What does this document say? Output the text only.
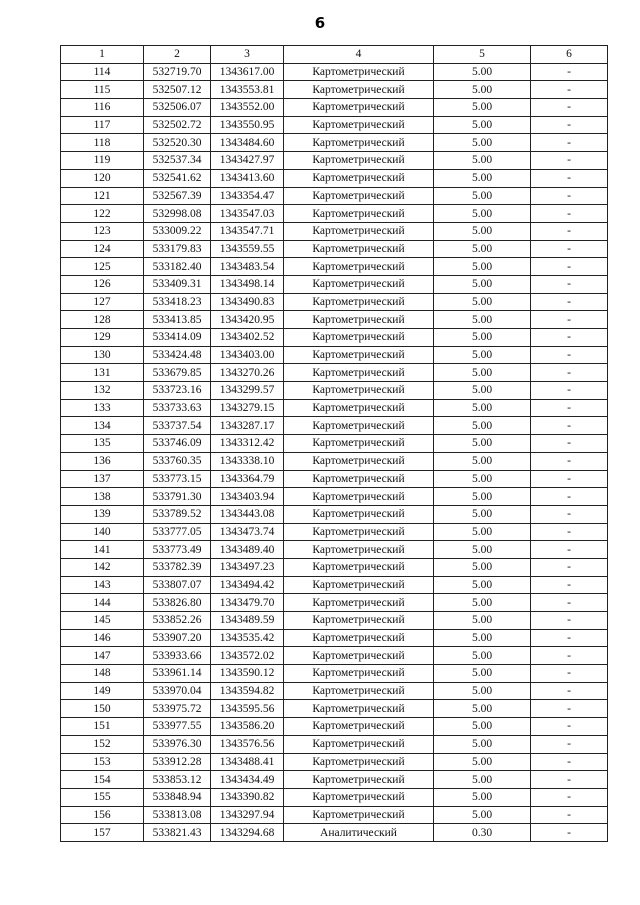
6
1	2	3	4	5	6
114	532719.70	1343617.00	Картометрический	5.00	-
115	532507.12	1343553.81	Картометрический	5.00	-
116	532506.07	1343552.00	Картометрический	5.00	-
117	532502.72	1343550.95	Картометрический	5.00	-
118	532520.30	1343484.60	Картометрический	5.00	-
119	532537.34	1343427.97	Картометрический	5.00	-
120	532541.62	1343413.60	Картометрический	5.00	-
121	532567.39	1343354.47	Картометрический	5.00	-
122	532998.08	1343547.03	Картометрический	5.00	-
123	533009.22	1343547.71	Картометрический	5.00	-
124	533179.83	1343559.55	Картометрический	5.00	-
125	533182.40	1343483.54	Картометрический	5.00	-
126	533409.31	1343498.14	Картометрический	5.00	-
127	533418.23	1343490.83	Картометрический	5.00	-
128	533413.85	1343420.95	Картометрический	5.00	-
129	533414.09	1343402.52	Картометрический	5.00	-
130	533424.48	1343403.00	Картометрический	5.00	-
131	533679.85	1343270.26	Картометрический	5.00	-
132	533723.16	1343299.57	Картометрический	5.00	-
133	533733.63	1343279.15	Картометрический	5.00	-
134	533737.54	1343287.17	Картометрический	5.00	-
135	533746.09	1343312.42	Картометрический	5.00	-
136	533760.35	1343338.10	Картометрический	5.00	-
137	533773.15	1343364.79	Картометрический	5.00	-
138	533791.30	1343403.94	Картометрический	5.00	-
139	533789.52	1343443.08	Картометрический	5.00	-
140	533777.05	1343473.74	Картометрический	5.00	-
141	533773.49	1343489.40	Картометрический	5.00	-
142	533782.39	1343497.23	Картометрический	5.00	-
143	533807.07	1343494.42	Картометрический	5.00	-
144	533826.80	1343479.70	Картометрический	5.00	-
145	533852.26	1343489.59	Картометрический	5.00	-
146	533907.20	1343535.42	Картометрический	5.00	-
147	533933.66	1343572.02	Картометрический	5.00	-
148	533961.14	1343590.12	Картометрический	5.00	-
149	533970.04	1343594.82	Картометрический	5.00	-
150	533975.72	1343595.56	Картометрический	5.00	-
151	533977.55	1343586.20	Картометрический	5.00	-
152	533976.30	1343576.56	Картометрический	5.00	-
153	533912.28	1343488.41	Картометрический	5.00	-
154	533853.12	1343434.49	Картометрический	5.00	-
155	533848.94	1343390.82	Картометрический	5.00	-
156	533813.08	1343297.94	Картометрический	5.00	-
157	533821.43	1343294.68	Аналитический	0.30	-
